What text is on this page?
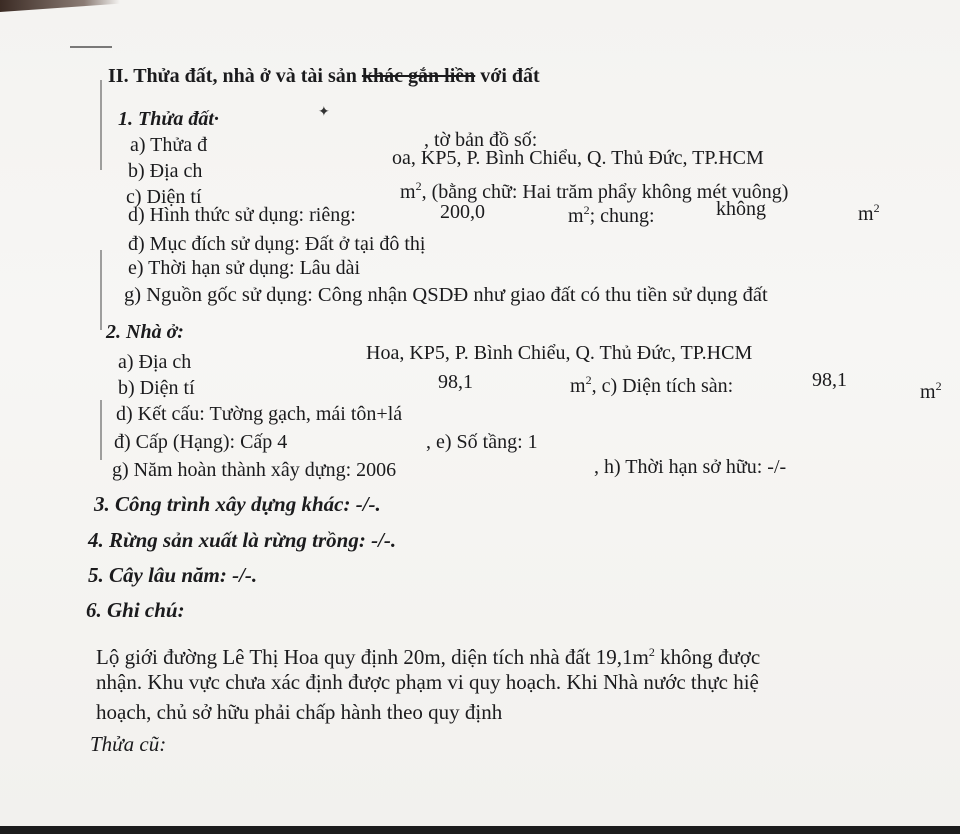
II. Thửa đất, nhà ở và tài sản khác gắn liền với đất
1. Thửa đất·	✦
a) Thửa đ	, tờ bản đồ số:
b) Địa ch
oa, KP5, P. Bình Chiểu, Q. Thủ Đức, TP.HCM
c) Diện tí	$m^2$, (bằng chữ: Hai trăm phẩy không mét vuông)
d) Hình thức sử dụng: riêng:	200,0	$m^2$; chung:	không	$m^2$
đ) Mục đích sử dụng: Đất ở tại đô thị
e) Thời hạn sử dụng: Lâu dài
g) Nguồn gốc sử dụng: Công nhận QSDĐ như giao đất có thu tiền sử dụng đất
2. Nhà ở:
a) Địa ch	Hoa, KP5, P. Bình Chiểu, Q. Thủ Đức, TP.HCM
b) Diện tí	98,1	$m^2$, c) Diện tích sàn:	98,1
$m^2$
d) Kết cấu: Tường gạch, mái tôn+lá
đ) Cấp (Hạng): Cấp 4	, e) Số tầng: 1
g) Năm hoàn thành xây dựng: 2006	, h) Thời hạn sở hữu: -/-
3. Công trình xây dựng khác: -/-.
4. Rừng sản xuất là rừng trồng: -/-.
5. Cây lâu năm: -/-.
6. Ghi chú:
Lộ giới đường Lê Thị Hoa quy định 20m, diện tích nhà đất $19,1m^2$ không được
nhận. Khu vực chưa xác định được phạm vi quy hoạch. Khi Nhà nước thực hiệ
hoạch, chủ sở hữu phải chấp hành theo quy định
Thửa cũ:
